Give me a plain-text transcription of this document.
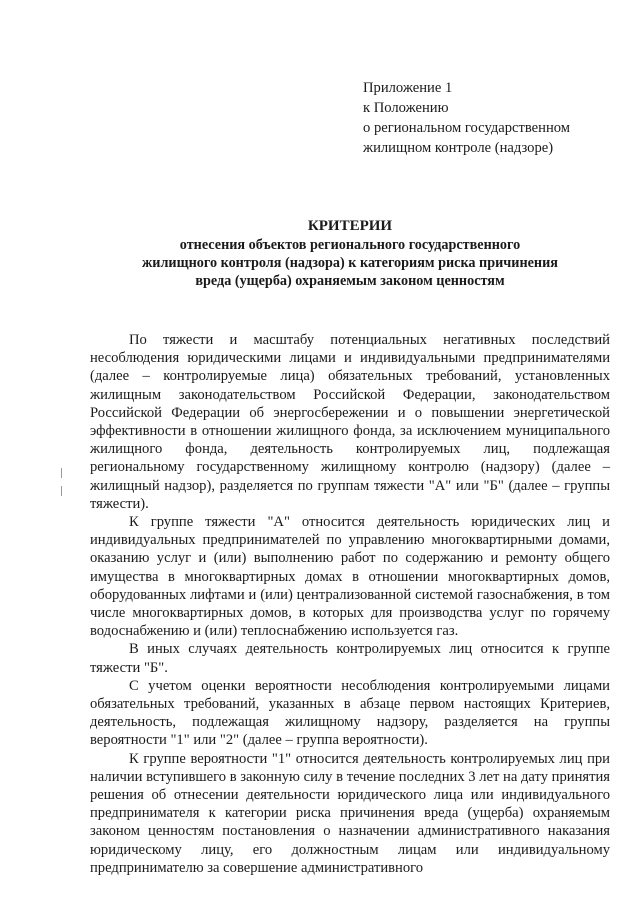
Приложение 1
к Положению
о региональном государственном
жилищном контроле (надзоре)
КРИТЕРИИ
отнесения объектов регионального государственного
жилищного контроля (надзора) к категориям риска причинения
вреда (ущерба) охраняемым законом ценностям

По тяжести и масштабу потенциальных негативных последствий несоблюдения юридическими лицами и индивидуальными предпринимателями (далее – контролируемые лица) обязательных требований, установленных жилищным законодательством Российской Федерации, законодательством Российской Федерации об энергосбережении и о повышении энергетической эффективности в отношении жилищного фонда, за исключением муниципального жилищного фонда, деятельность контролируемых лиц, подлежащая региональному государственному жилищному контролю (надзору) (далее – жилищный надзор), разделяется по группам тяжести "А" или "Б" (далее – группы тяжести).

К группе тяжести "А" относится деятельность юридических лиц и индивидуальных предпринимателей по управлению многоквартирными домами, оказанию услуг и (или) выполнению работ по содержанию и ремонту общего имущества в многоквартирных домах в отношении многоквартирных домов, оборудованных лифтами и (или) централизованной системой газоснабжения, в том числе многоквартирных домов, в которых для производства услуг по горячему водоснабжению и (или) теплоснабжению используется газ.

В иных случаях деятельность контролируемых лиц относится к группе тяжести "Б".

С учетом оценки вероятности несоблюдения контролируемыми лицами обязательных требований, указанных в абзаце первом настоящих Критериев, деятельность, подлежащая жилищному надзору, разделяется на группы вероятности "1" или "2" (далее – группа вероятности).

К группе вероятности "1" относится деятельность контролируемых лиц при наличии вступившего в законную силу в течение последних 3 лет на дату принятия решения об отнесении деятельности юридического лица или индивидуального предпринимателя к категории риска причинения вреда (ущерба) охраняемым законом ценностям постановления о назначении административного наказания юридическому лицу, его должностным лицам или индивидуальному предпринимателю за совершение административного
